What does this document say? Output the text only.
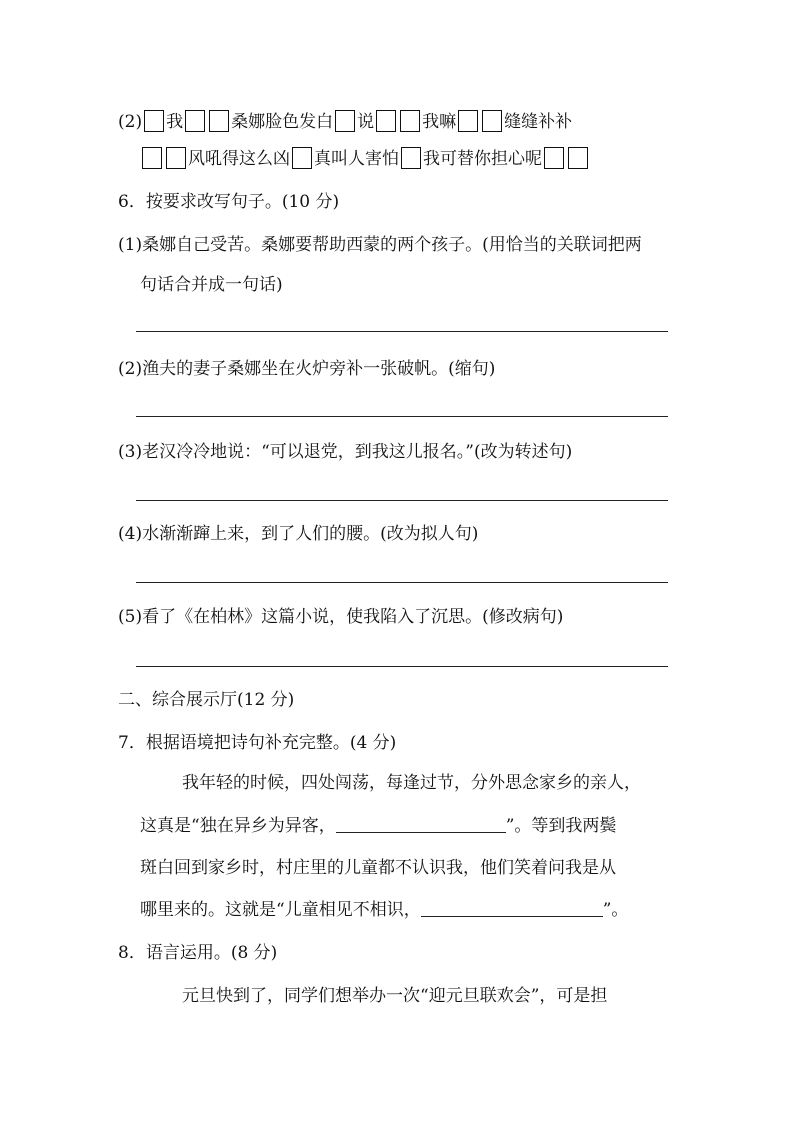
(2) 我	桑娜脸色发白 说	我嘛	缝缝补补
风吼得这么凶 真叫人害怕 我可替你担心呢
6．按要求改写句子。(10 分)
(1)桑娜自己受苦。桑娜要帮助西蒙的两个孩子。(用恰当的关联词把两
句话合并成一句话)
(2)渔夫的妻子桑娜坐在火炉旁补一张破帆。(缩句)
(3)老汉冷冷地说：“可以退党，到我这儿报名。”(改为转述句)
(4)水渐渐蹿上来，到了人们的腰。(改为拟人句)
(5)看了《在柏林》这篇小说，使我陷入了沉思。(修改病句)
二、综合展示厅(12 分)
7．根据语境把诗句补充完整。(4 分)
我年轻的时候，四处闯荡，每逢过节，分外思念家乡的亲人，
这真是“独在异乡为异客，	”。等到我两鬓
斑白回到家乡时，村庄里的儿童都不认识我，他们笑着问我是从
哪里来的。这就是“儿童相见不相识，	”。
8．语言运用。(8 分)
元旦快到了，同学们想举办一次“迎元旦联欢会”，可是担
